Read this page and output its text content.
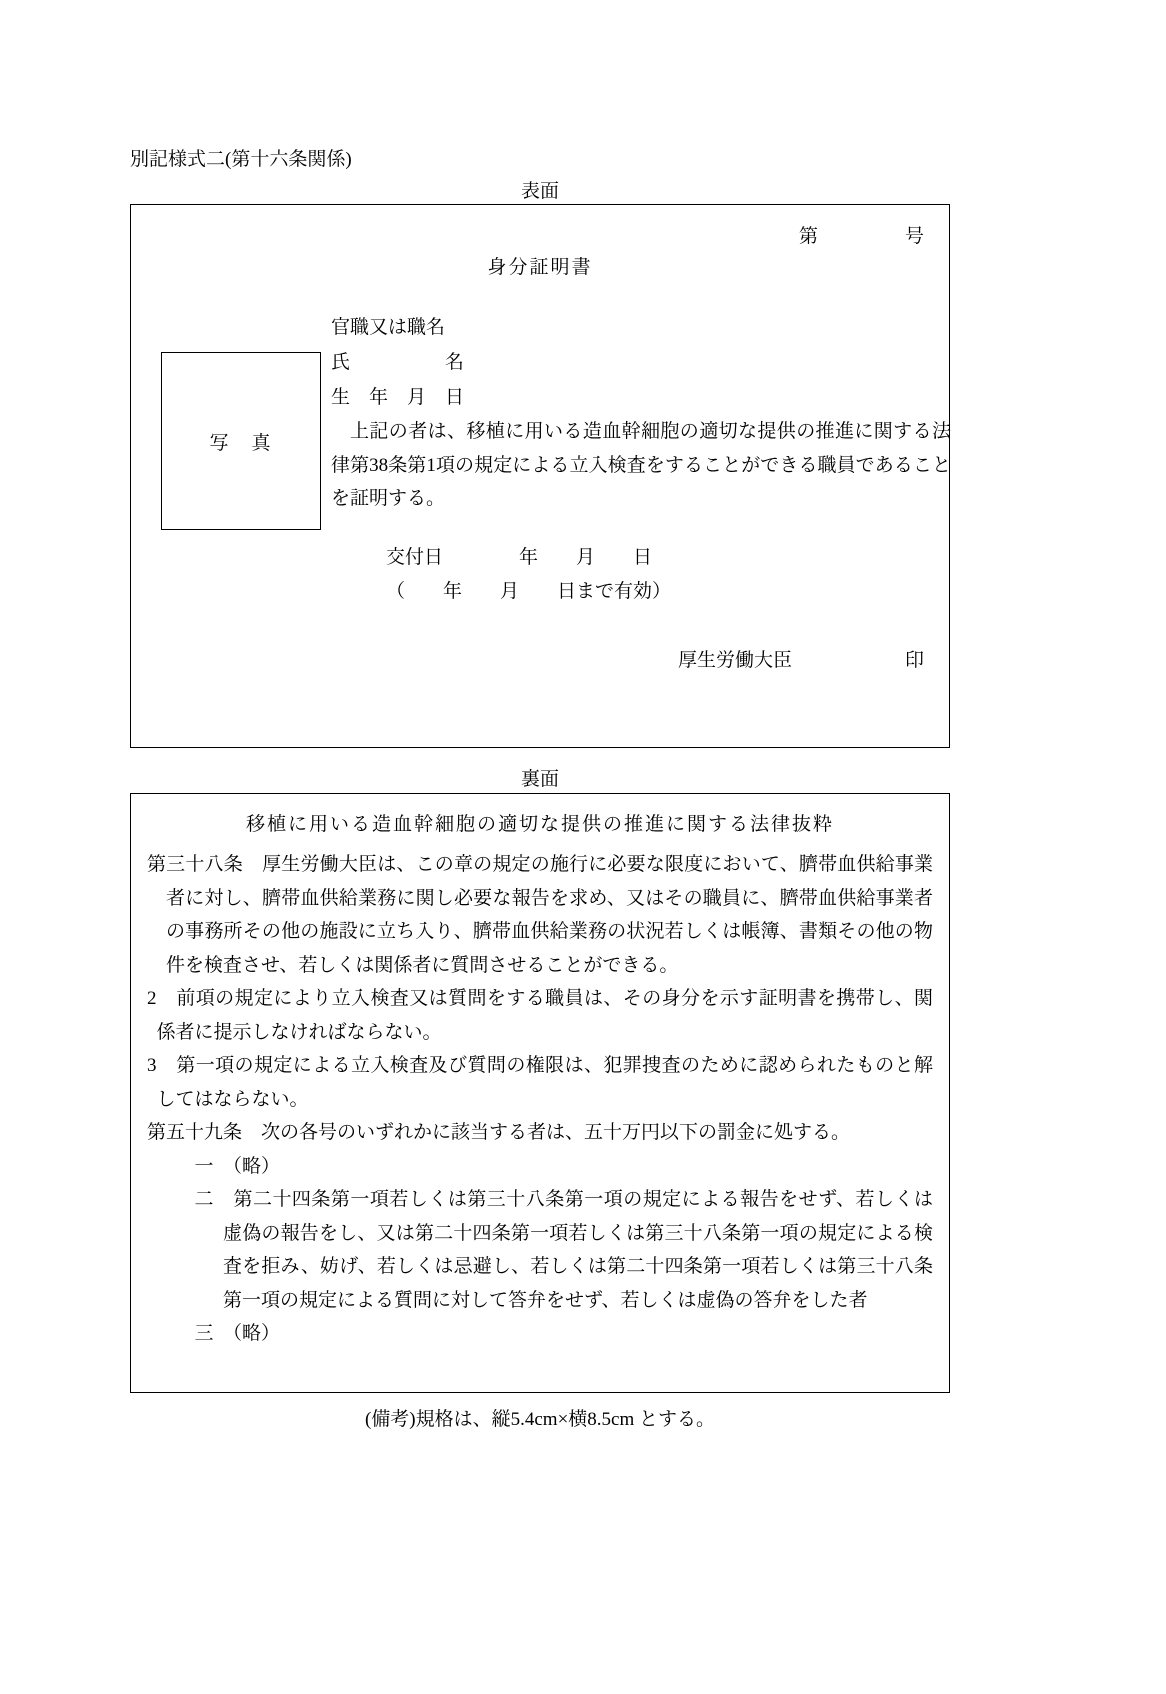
別記様式二(第十六条関係)
表面
第	号
身分証明書
写　真
官職又は職名
氏　　　　　名
生　年　月　日

上記の者は、移植に用いる造血幹細胞の適切な提供の推進に関する法律第38条第1項の規定による立入検査をすることができる職員であることを証明する。

交付日　　　　年　　月　　日
（　　年　　月　　日まで有効）
厚生労働大臣	印
裏面
移植に用いる造血幹細胞の適切な提供の推進に関する法律抜粋

第三十八条　厚生労働大臣は、この章の規定の施行に必要な限度において、臍帯血供給事業者に対し、臍帯血供給業務に関し必要な報告を求め、又はその職員に、臍帯血供給事業者の事務所その他の施設に立ち入り、臍帯血供給業務の状況若しくは帳簿、書類その他の物件を検査させ、若しくは関係者に質問させることができる。

2　前項の規定により立入検査又は質問をする職員は、その身分を示す証明書を携帯し、関係者に提示しなければならない。

3　第一項の規定による立入検査及び質問の権限は、犯罪捜査のために認められたものと解してはならない。

第五十九条　次の各号のいずれかに該当する者は、五十万円以下の罰金に処する。

一　（略）

二　第二十四条第一項若しくは第三十八条第一項の規定による報告をせず、若しくは虚偽の報告をし、又は第二十四条第一項若しくは第三十八条第一項の規定による検査を拒み、妨げ、若しくは忌避し、若しくは第二十四条第一項若しくは第三十八条第一項の規定による質問に対して答弁をせず、若しくは虚偽の答弁をした者

三　（略）

(備考)規格は、縦5.4cm×横8.5cm とする。
